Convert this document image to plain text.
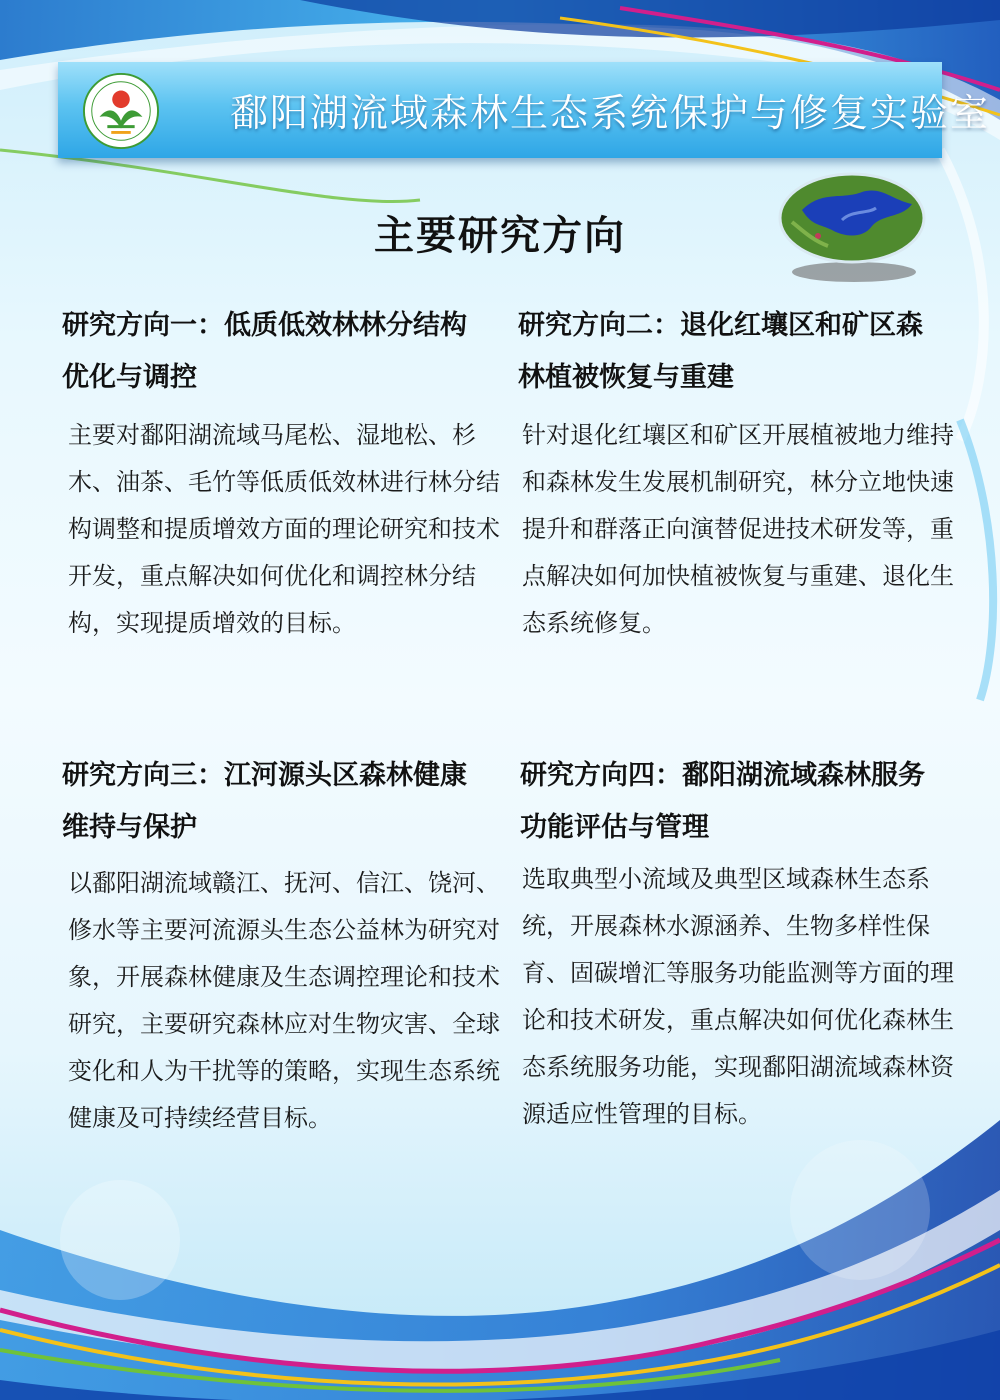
鄱阳湖流域森林生态系统保护与修复实验室
主要研究方向
研究方向一：低质低效林林分结构优化与调控
主要对鄱阳湖流域马尾松、湿地松、杉木、油茶、毛竹等低质低效林进行林分结构调整和提质增效方面的理论研究和技术开发，重点解决如何优化和调控林分结构，实现提质增效的目标。
研究方向二：退化红壤区和矿区森林植被恢复与重建
针对退化红壤区和矿区开展植被地力维持和森林发生发展机制研究，林分立地快速提升和群落正向演替促进技术研发等，重点解决如何加快植被恢复与重建、退化生态系统修复。
研究方向三：江河源头区森林健康维持与保护
以鄱阳湖流域赣江、抚河、信江、饶河、修水等主要河流源头生态公益林为研究对象，开展森林健康及生态调控理论和技术研究，主要研究森林应对生物灾害、全球变化和人为干扰等的策略，实现生态系统健康及可持续经营目标。
研究方向四：鄱阳湖流域森林服务功能评估与管理
选取典型小流域及典型区域森林生态系统，开展森林水源涵养、生物多样性保育、固碳增汇等服务功能监测等方面的理论和技术研发，重点解决如何优化森林生态系统服务功能，实现鄱阳湖流域森林资源适应性管理的目标。
